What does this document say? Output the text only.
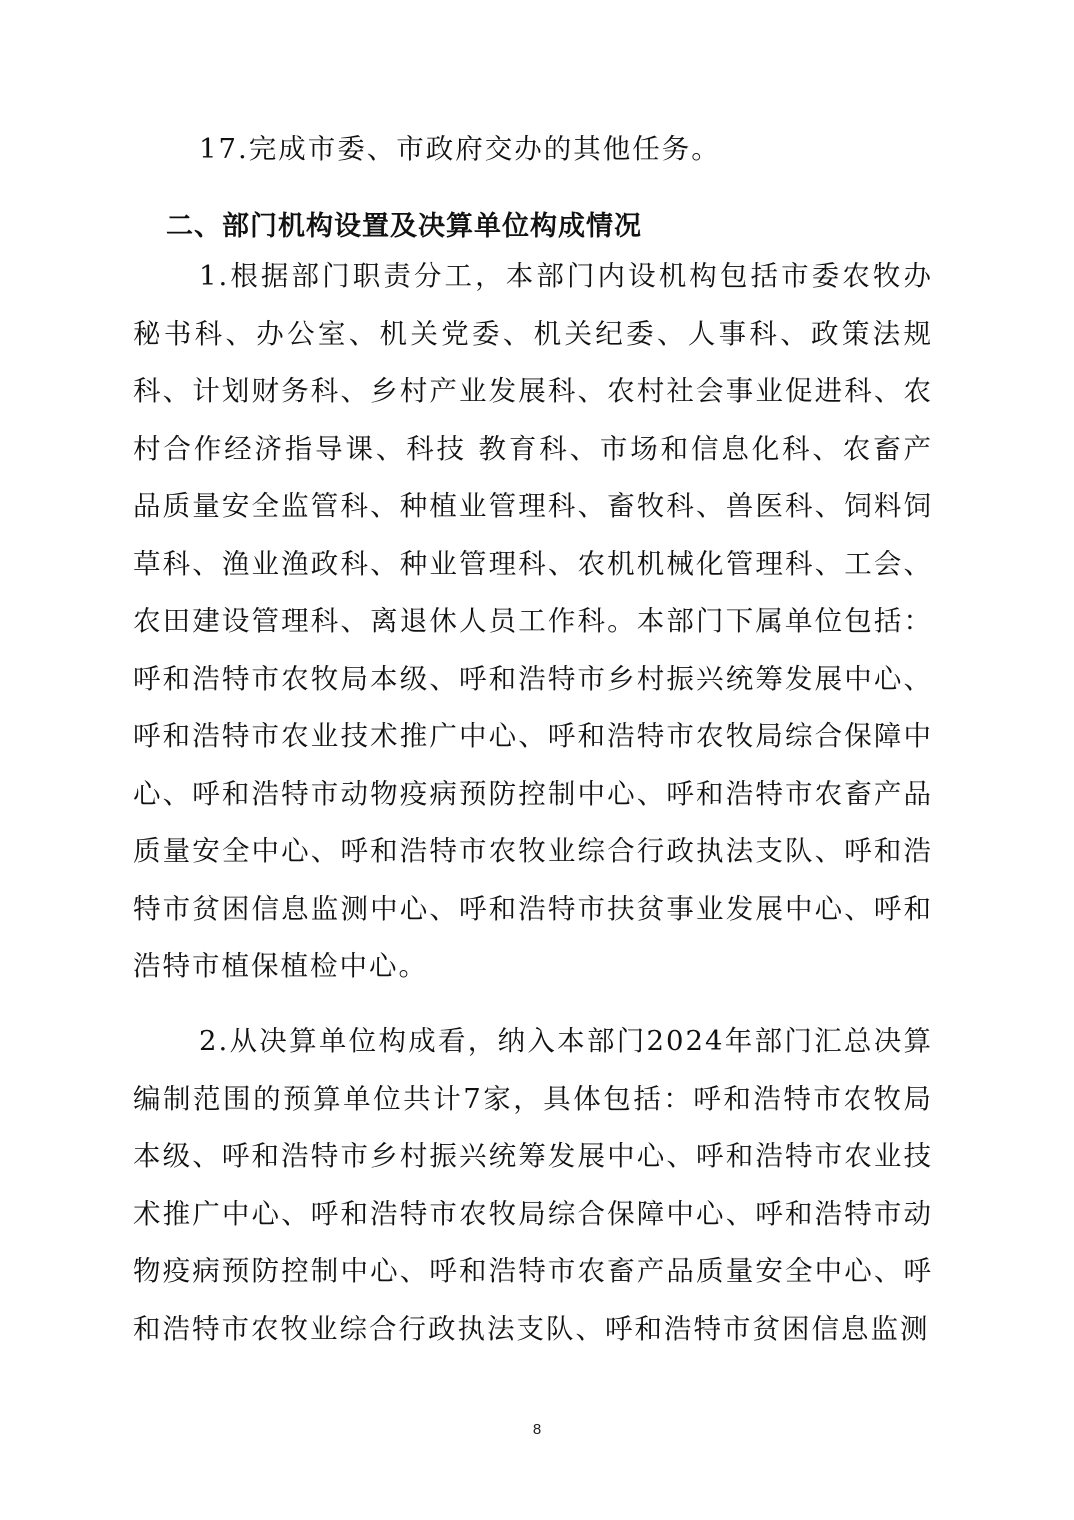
17.完成市委、市政府交办的其他任务。

二、部门机构设置及决算单位构成情况

1.根据部门职责分工，本部门内设机构包括市委农牧办秘书科、办公室、机关党委、机关纪委、人事科、政策法规科、计划财务科、乡村产业发展科、农村社会事业促进科、农村合作经济指导课、科技 教育科、市场和信息化科、农畜产品质量安全监管科、种植业管理科、畜牧科、兽医科、饲料饲草科、渔业渔政科、种业管理科、农机机械化管理科、工会、农田建设管理科、离退休人员工作科。本部门下属单位包括：呼和浩特市农牧局本级、呼和浩特市乡村振兴统筹发展中心、呼和浩特市农业技术推广中心、呼和浩特市农牧局综合保障中心、呼和浩特市动物疫病预防控制中心、呼和浩特市农畜产品质量安全中心、呼和浩特市农牧业综合行政执法支队、呼和浩特市贫困信息监测中心、呼和浩特市扶贫事业发展中心、呼和浩特市植保植检中心。

2.从决算单位构成看，纳入本部门2024年部门汇总决算编制范围的预算单位共计7家，具体包括：呼和浩特市农牧局本级、呼和浩特市乡村振兴统筹发展中心、呼和浩特市农业技术推广中心、呼和浩特市农牧局综合保障中心、呼和浩特市动物疫病预防控制中心、呼和浩特市农畜产品质量安全中心、呼和浩特市农牧业综合行政执法支队、呼和浩特市贫困信息监测

8
